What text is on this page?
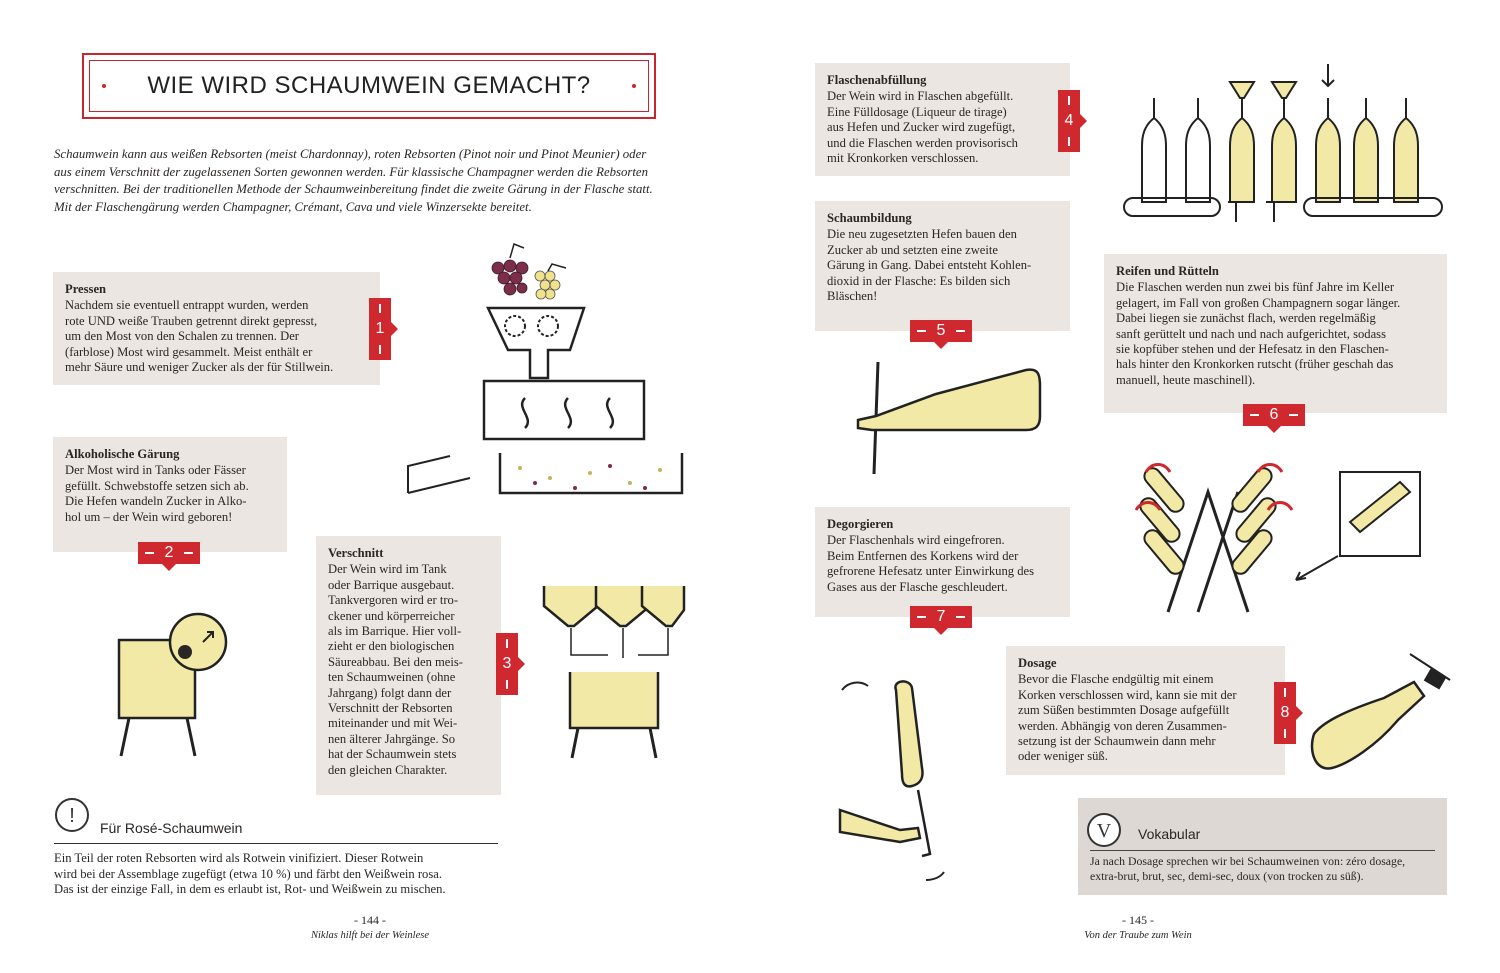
WIE WIRD SCHAUMWEIN GEMACHT?
Schaumwein kann aus weißen Rebsorten (meist Chardonnay), roten Rebsorten (Pinot noir und Pinot Meunier) oder
aus einem Verschnitt der zugelassenen Sorten gewonnen werden. Für klassische Champagner werden die Rebsorten
verschnitten. Bei der traditionellen Methode der Schaumweinbereitung findet die zweite Gärung in der Flasche statt.
Mit der Flaschengärung werden Champagner, Crémant, Cava und viele Winzersekte bereitet.
Pressen
Nachdem sie eventuell entrappt wurden, werden
rote UND weiße Trauben getrennt direkt gepresst,
um den Most von den Schalen zu trennen. Der
(farblose) Most wird gesammelt. Meist enthält er
mehr Säure und weniger Zucker als der für Stillwein.
1
Alkoholische Gärung
Der Most wird in Tanks oder Fässer
gefüllt. Schwebstoffe setzen sich ab.
Die Hefen wandeln Zucker in Alko-
hol um – der Wein wird geboren!
2	Verschnitt
Der Wein wird im Tank
oder Barrique ausgebaut.
Tankvergoren wird er tro-
ckener und körperreicher
als im Barrique. Hier voll-
zieht er den biologischen
Säureabbau. Bei den meis-
ten Schaumweinen (ohne
Jahrgang) folgt dann der
Verschnitt der Rebsorten
miteinander und mit Wei-
nen älterer Jahrgänge. So
hat der Schaumwein stets
den gleichen Charakter.
3
!
Für Rosé-Schaumwein
Ein Teil der roten Rebsorten wird als Rotwein vinifiziert. Dieser Rotwein
wird bei der Assemblage zugefügt (etwa 10 %) und färbt den Weißwein rosa.
Das ist der einzige Fall, in dem es erlaubt ist, Rot- und Weißwein zu mischen.
- 144 -
Niklas hilft bei der Weinlese
Flaschenabfüllung
Der Wein wird in Flaschen abgefüllt.
Eine Fülldosage (Liqueur de tirage)
aus Hefen und Zucker wird zugefügt,
und die Flaschen werden provisorisch
mit Kronkorken verschlossen.
4
Schaumbildung
Die neu zugesetzten Hefen bauen den
Zucker ab und setzten eine zweite
Gärung in Gang. Dabei entsteht Kohlen-
dioxid in der Flasche: Es bilden sich
Bläschen!
5
Reifen und Rütteln
Die Flaschen werden nun zwei bis fünf Jahre im Keller
gelagert, im Fall von großen Champagnern sogar länger.
Dabei liegen sie zunächst flach, werden regelmäßig
sanft gerüttelt und nach und nach aufgerichtet, sodass
sie kopfüber stehen und der Hefesatz in den Flaschen-
hals hinter den Kronkorken rutscht (früher geschah das
manuell, heute maschinell).
6
Degorgieren
Der Flaschenhals wird eingefroren.
Beim Entfernen des Korkens wird der
gefrorene Hefesatz unter Einwirkung des
Gases aus der Flasche geschleudert.
7
Dosage
Bevor die Flasche endgültig mit einem
Korken verschlossen wird, kann sie mit der
zum Süßen bestimmten Dosage aufgefüllt
werden. Abhängig von deren Zusammen-
setzung ist der Schaumwein dann mehr
oder weniger süß.
8
V Vokabular
Ja nach Dosage sprechen wir bei Schaumweinen von: zéro dosage,
extra-brut, brut, sec, demi-sec, doux (von trocken zu süß).
- 145 -
Von der Traube zum Wein
